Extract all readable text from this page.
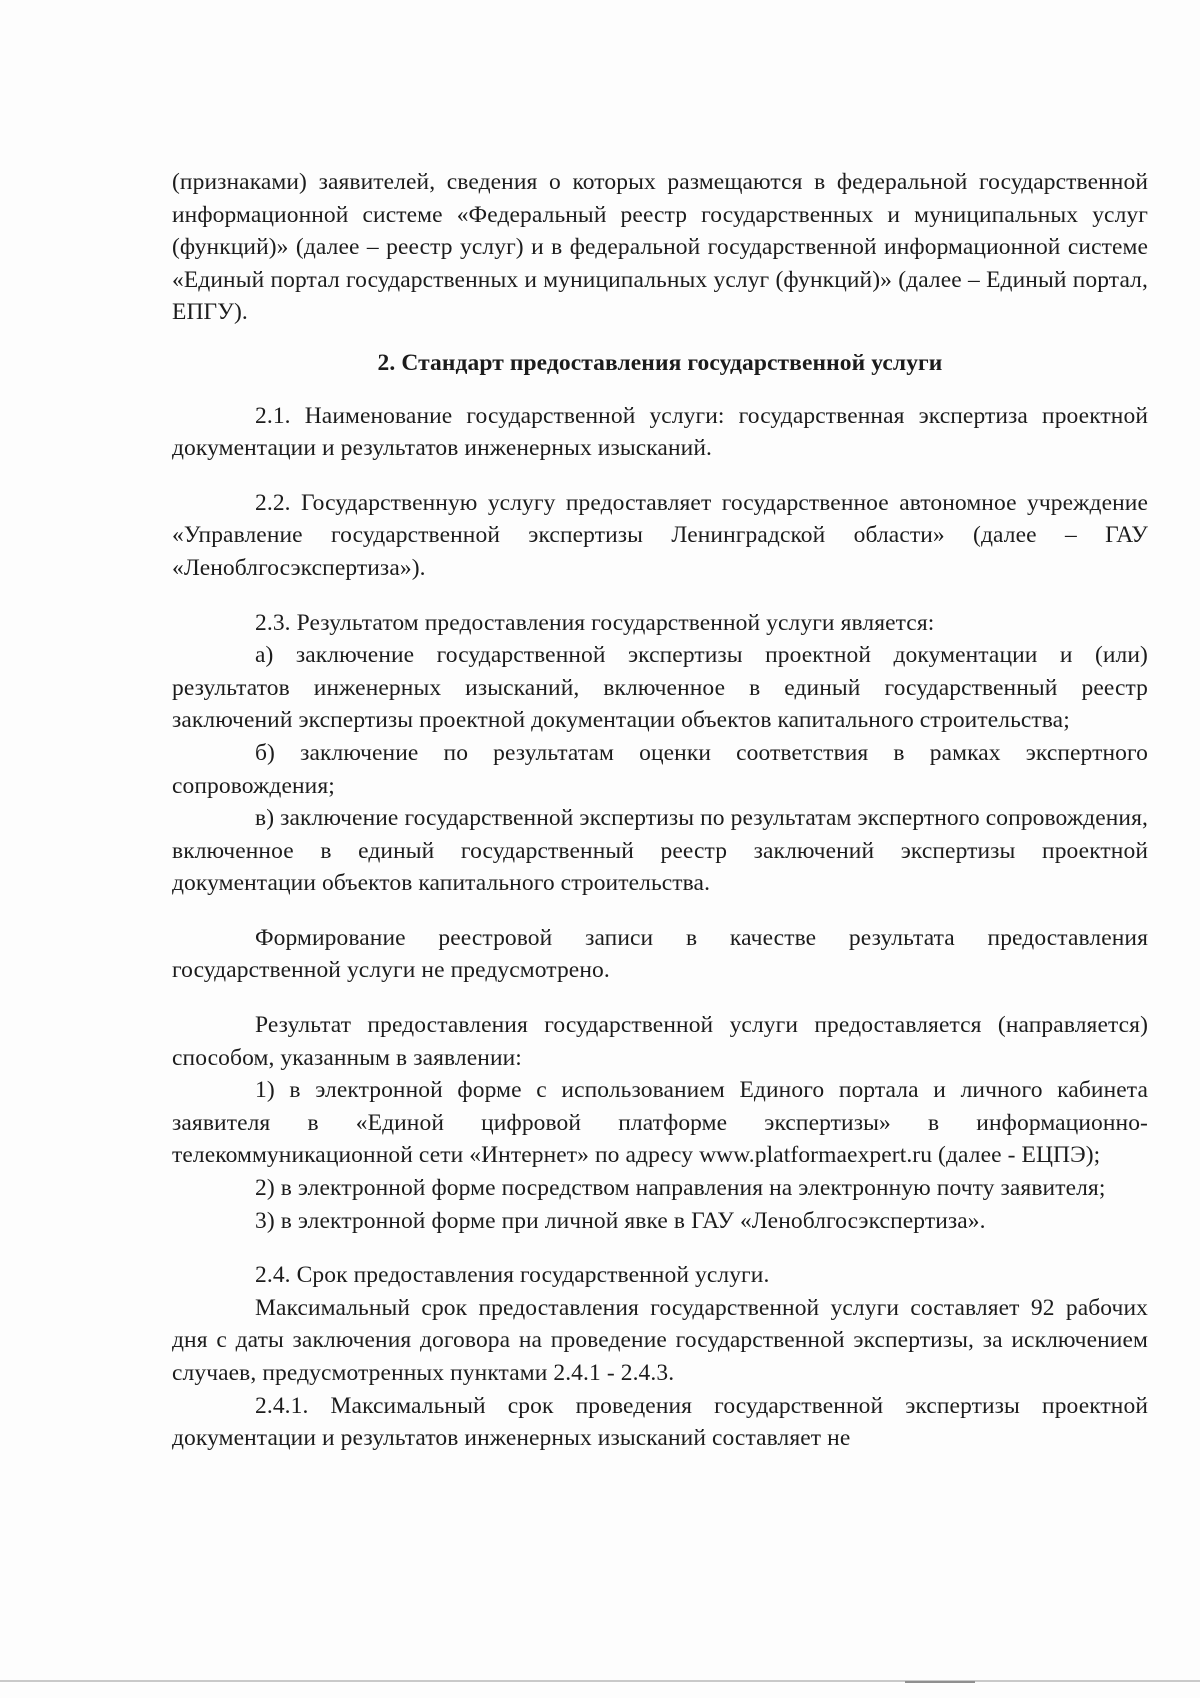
(признаками) заявителей, сведения о которых размещаются в федеральной государственной информационной системе «Федеральный реестр государственных и муниципальных услуг (функций)» (далее – реестр услуг) и в федеральной государственной информационной системе «Единый портал государственных и муниципальных услуг (функций)» (далее – Единый портал, ЕПГУ).

2. Стандарт предоставления государственной услуги

2.1. Наименование государственной услуги: государственная экспертиза проектной документации и результатов инженерных изысканий.

2.2. Государственную услугу предоставляет государственное автономное учреждение «Управление государственной экспертизы Ленинградской области» (далее – ГАУ «Леноблгосэкспертиза»).

2.3. Результатом предоставления государственной услуги является:

а) заключение государственной экспертизы проектной документации и (или) результатов инженерных изысканий, включенное в единый государственный реестр заключений экспертизы проектной документации объектов капитального строительства;

б) заключение по результатам оценки соответствия в рамках экспертного сопровождения;

в) заключение государственной экспертизы по результатам экспертного сопровождения, включенное в единый государственный реестр заключений экспертизы проектной документации объектов капитального строительства.

Формирование реестровой записи в качестве результата предоставления государственной услуги не предусмотрено.

Результат предоставления государственной услуги предоставляется (направляется) способом, указанным в заявлении:

1) в электронной форме с использованием Единого портала и личного кабинета заявителя в «Единой цифровой платформе экспертизы» в информационно-телекоммуникационной сети «Интернет» по адресу www.platformaexpert.ru (далее - ЕЦПЭ);

2) в электронной форме посредством направления на электронную почту заявителя;

3) в электронной форме при личной явке в ГАУ «Леноблгосэкспертиза».

2.4. Срок предоставления государственной услуги.

Максимальный срок предоставления государственной услуги составляет 92 рабочих дня с даты заключения договора на проведение государственной экспертизы, за исключением случаев, предусмотренных пунктами 2.4.1 - 2.4.3.

2.4.1. Максимальный срок проведения государственной экспертизы проектной документации и результатов инженерных изысканий составляет не
